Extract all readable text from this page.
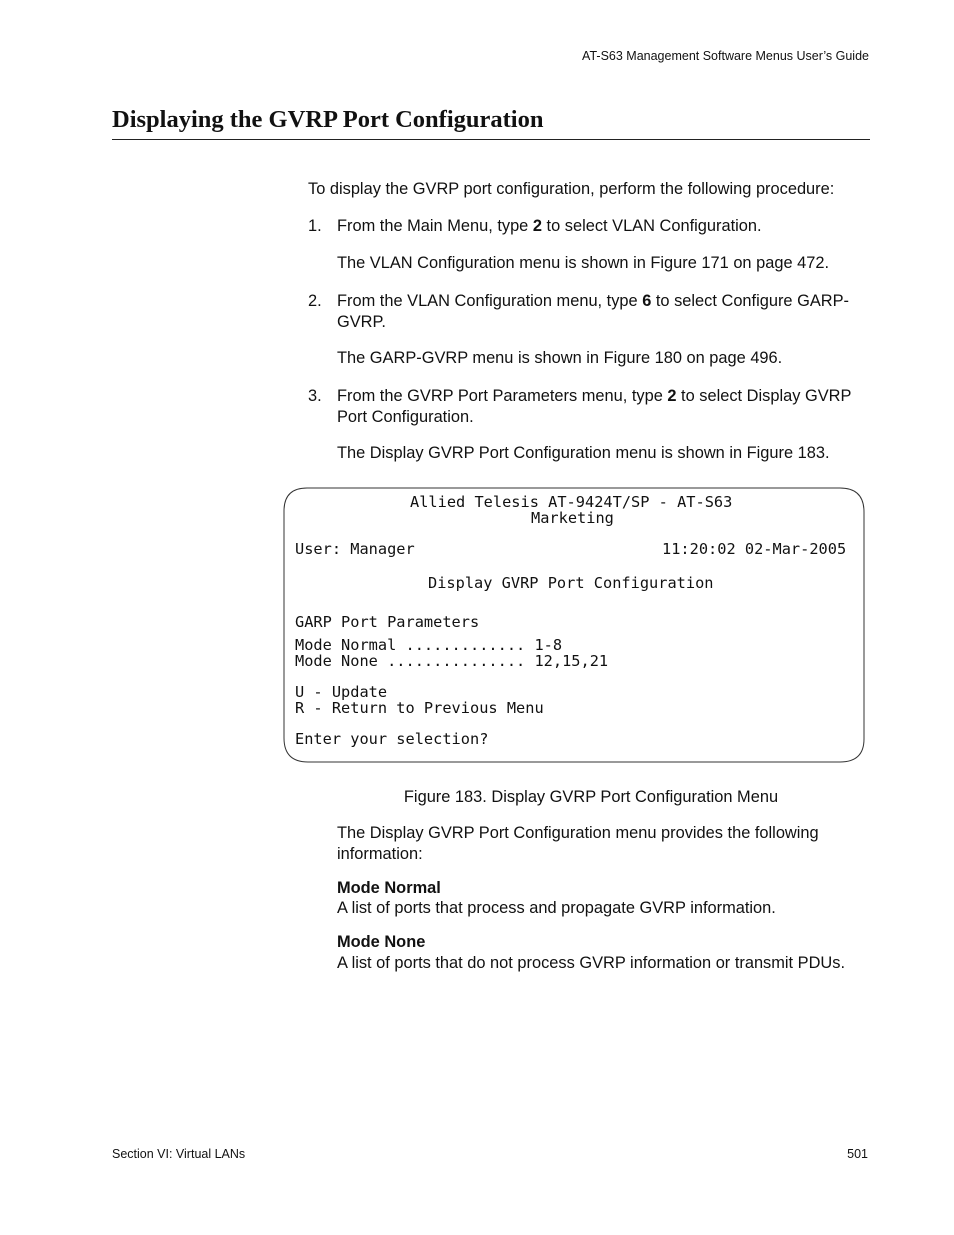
AT-S63 Management Software Menus User’s Guide
Displaying the GVRP Port Configuration

To display the GVRP port configuration, perform the following procedure:

1. From the Main Menu, type 2 to select VLAN Configuration.

The VLAN Configuration menu is shown in Figure 171 on page 472.

2. From the VLAN Configuration menu, type 6 to select Configure GARP-GVRP.

The GARP-GVRP menu is shown in Figure 180 on page 496.

3. From the GVRP Port Parameters menu, type 2 to select Display GVRP Port Configuration.

The Display GVRP Port Configuration menu is shown in Figure 183.

Allied Telesis AT-9424T/SP - AT-S63
Marketing
User: Manager	11:20:02 02-Mar-2005
Display GVRP Port Configuration
GARP Port Parameters
Mode Normal ............. 1-8
Mode None ............... 12,15,21
U - Update
R - Return to Previous Menu
Enter your selection?
Figure 183. Display GVRP Port Configuration Menu

The Display GVRP Port Configuration menu provides the following information:

Mode Normal

A list of ports that process and propagate GVRP information.

Mode None

A list of ports that do not process GVRP information or transmit PDUs.

Section VI: Virtual LANs	501
